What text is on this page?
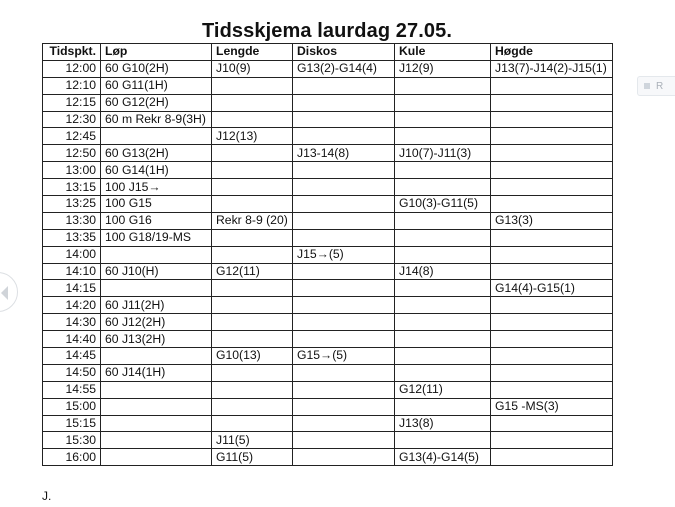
Tidsskjema laurdag 27.05.
Tidspkt.	Løp	Lengde	Diskos	Kule	Høgde
12:00	60 G10(2H)	J10(9)	G13(2)-G14(4)	J12(9)	J13(7)-J14(2)-J15(1)
12:10	60 G11(1H)				
12:15	60 G12(2H)				
12:30	60 m Rekr 8-9(3H)				
12:45		J12(13)			
12:50	60 G13(2H)		J13-14(8)	J10(7)-J11(3)	
13:00	60 G14(1H)				
13:15	100 J15→				
13:25	100 G15			G10(3)-G11(5)	
13:30	100 G16	Rekr 8-9 (20)			G13(3)
13:35	100 G18/19-MS				
14:00			J15→(5)		
14:10	60 J10(H)	G12(11)		J14(8)	
14:15					G14(4)-G15(1)
14:20	60 J11(2H)				
14:30	60 J12(2H)				
14:40	60 J13(2H)				
14:45		G10(13)	G15→(5)		
14:50	60 J14(1H)				
14:55				G12(11)	
15:00					G15 -MS(3)
15:15				J13(8)	
15:30		J11(5)			
16:00		G11(5)		G13(4)-G14(5)	
J.
R
